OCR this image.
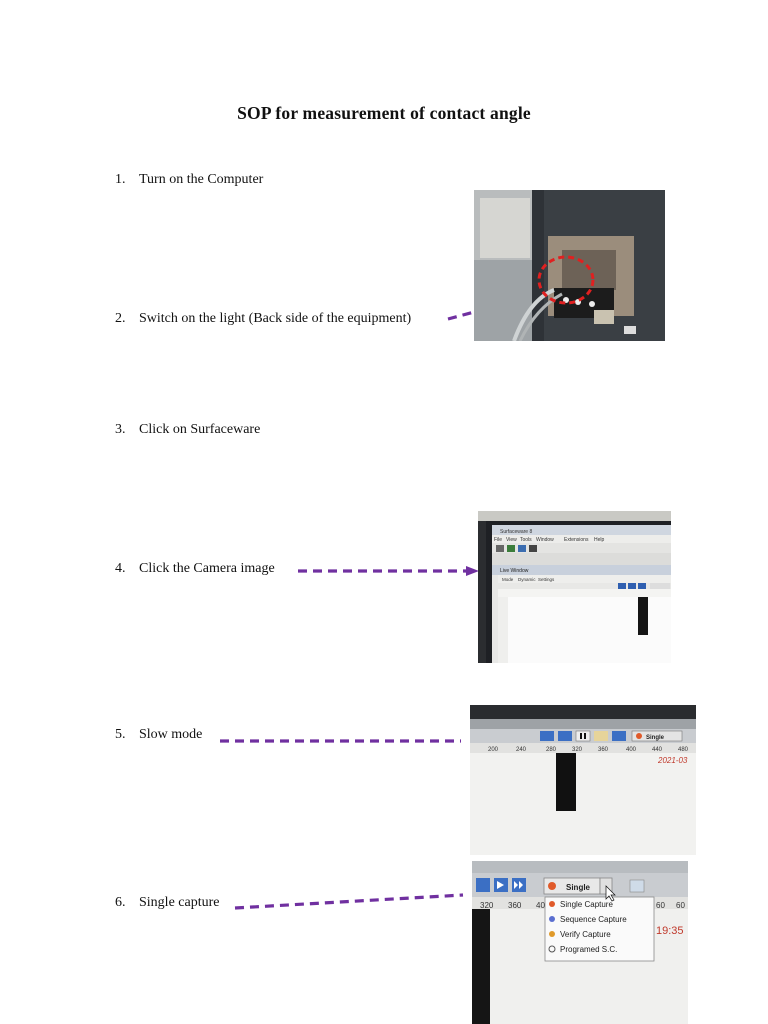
SOP for measurement of contact angle
1. Turn on the Computer
2. Switch on the light (Back side of the equipment)
3. Click on Surfaceware
4. Click the Camera image
5. Slow mode
6. Single capture
Surfaceware 8
File View Tools Window Extensions Help
Live Window
Mode Dynamic Settings
Single
200	240	280	320	360	400	440	480
2021-03
Single
320 360 40	60 60
Single Capture
Sequence Capture
Verify Capture
Programed S.C.
19:35
